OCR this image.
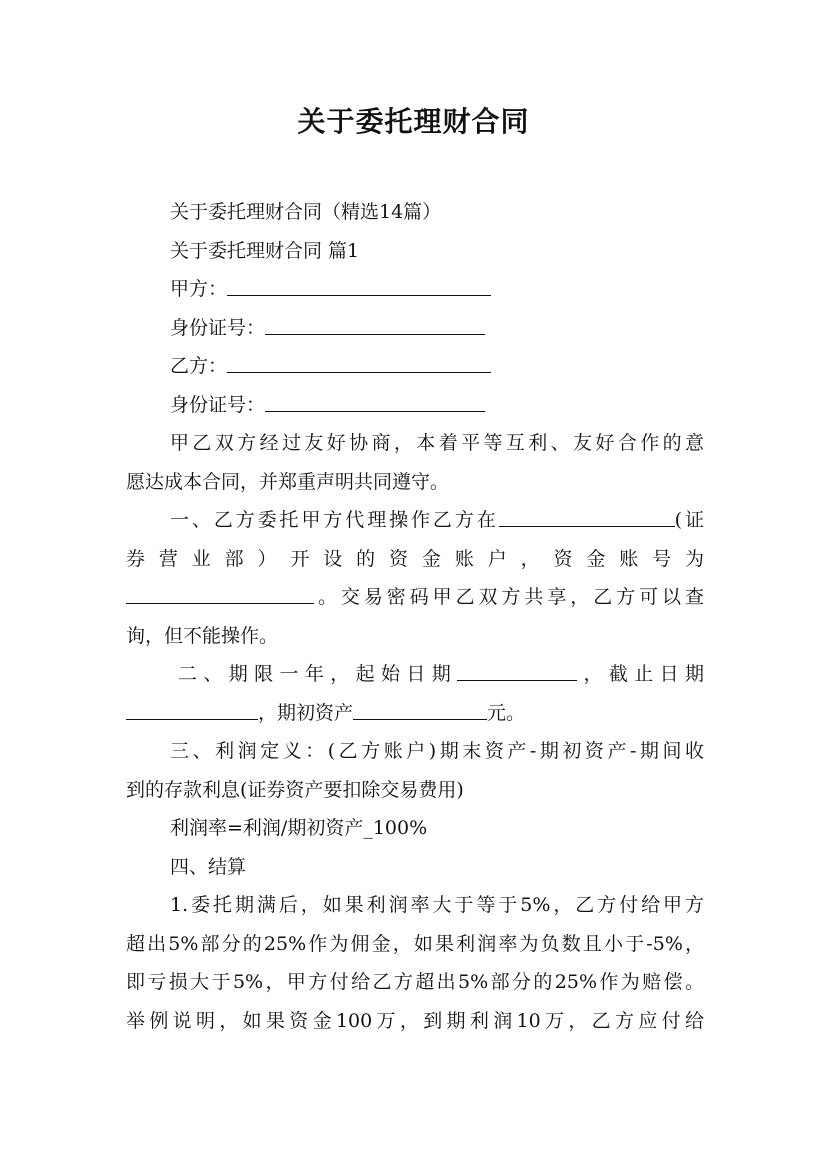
关于委托理财合同

关于委托理财合同（精选14篇）

关于委托理财合同 篇1

甲方：

身份证号：

乙方：

身份证号：

甲乙双方经过友好协商，本着平等互利、友好合作的意

愿达成本合同，并郑重声明共同遵守。

一、乙方委托甲方代理操作乙方在	(证

券营业部）开设的资金账户，资金账号为

。交易密码甲乙双方共享，乙方可以查

询，但不能操作。

二、期限一年，起始日期	，截止日期

，期初资产	元。

三、利润定义：(乙方账户)期末资产-期初资产-期间收

到的存款利息(证券资产要扣除交易费用)

利润率=利润/期初资产_100%

四、结算

1.委托期满后，如果利润率大于等于5%，乙方付给甲方

超出5%部分的25%作为佣金，如果利润率为负数且小于-5%，

即亏损大于5%，甲方付给乙方超出5%部分的25%作为赔偿。

举例说明，如果资金100万，到期利润10万，乙方应付给
